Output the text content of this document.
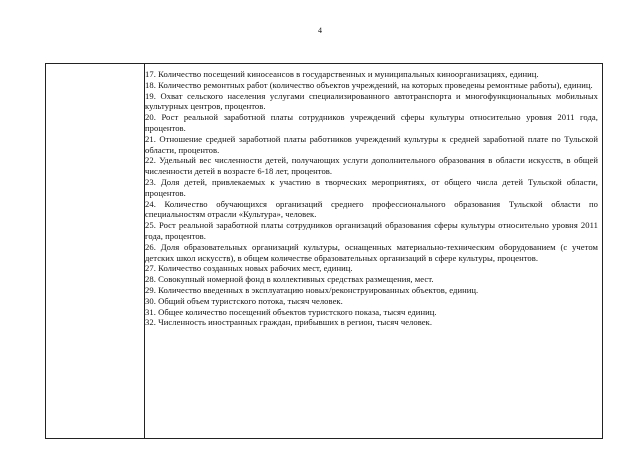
4

17. Количество посещений киносеансов в государственных и муниципальных киноорганизациях, единиц.

18. Количество ремонтных работ (количество объектов учреждений, на которых проведены ремонтные работы), единиц.

19. Охват сельского населения услугами специализированного автотранспорта и многофункциональных мобильных культурных центров, процентов.

20. Рост реальной заработной платы сотрудников учреждений сферы культуры относительно уровня 2011 года, процентов.

21. Отношение средней заработной платы работников учреждений культуры к средней заработной плате по Тульской области, процентов.

22. Удельный вес численности детей, получающих услуги дополнительного образования в области искусств, в общей численности детей в возрасте 6-18 лет, процентов.

23. Доля детей, привлекаемых к участию в творческих мероприятиях, от общего числа детей Тульской области, процентов.

24. Количество обучающихся организаций среднего профессионального образования Тульской области по специальностям отрасли «Культура», человек.

25. Рост реальной заработной платы сотрудников организаций образования сферы культуры относительно уровня 2011 года, процентов.

26. Доля образовательных организаций культуры, оснащенных материально-техническим оборудованием (с учетом детских школ искусств), в общем количестве образовательных организаций в сфере культуры, процентов.

27. Количество созданных новых рабочих мест, единиц.

28. Совокупный номерной фонд в коллективных средствах размещения, мест.

29. Количество введенных в эксплуатацию новых/реконструированных объектов, единиц.

30. Общий объем туристского потока, тысяч человек.

31. Общее количество посещений объектов туристского показа, тысяч единиц.

32. Численность иностранных граждан, прибывших в регион, тысяч человек.
